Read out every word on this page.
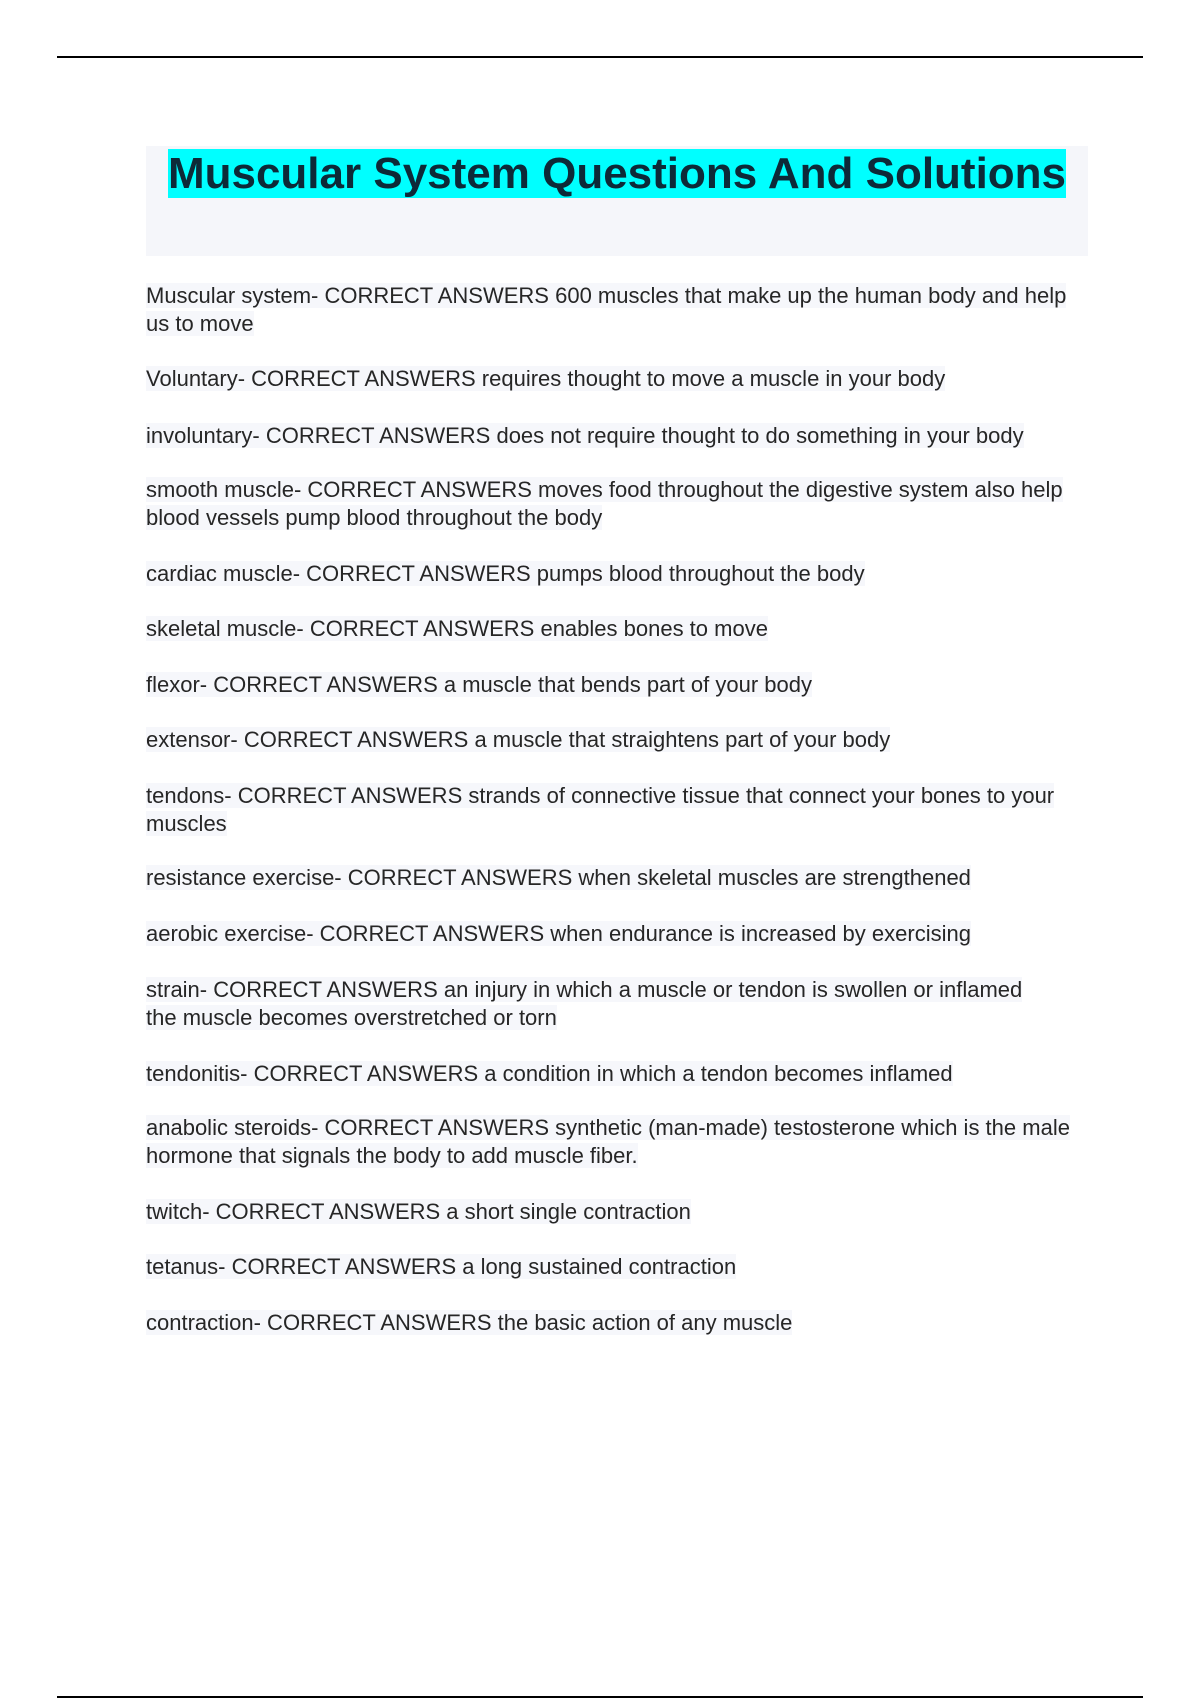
Muscular System Questions And Solutions

Muscular system- CORRECT ANSWERS 600 muscles that make up the human body and help us to move

Voluntary- CORRECT ANSWERS requires thought to move a muscle in your body

involuntary- CORRECT ANSWERS does not require thought to do something in your body

smooth muscle- CORRECT ANSWERS moves food throughout the digestive system also help blood vessels pump blood throughout the body

cardiac muscle- CORRECT ANSWERS pumps blood throughout the body

skeletal muscle- CORRECT ANSWERS enables bones to move

flexor- CORRECT ANSWERS a muscle that bends part of your body

extensor- CORRECT ANSWERS a muscle that straightens part of your body

tendons- CORRECT ANSWERS strands of connective tissue that connect your bones to your muscles

resistance exercise- CORRECT ANSWERS when skeletal muscles are strengthened

aerobic exercise- CORRECT ANSWERS when endurance is increased by exercising

strain- CORRECT ANSWERS an injury in which a muscle or tendon is swollen or inflamed
the muscle becomes overstretched or torn

tendonitis- CORRECT ANSWERS a condition in which a tendon becomes inflamed

anabolic steroids- CORRECT ANSWERS synthetic (man-made) testosterone which is the male hormone that signals the body to add muscle fiber.

twitch- CORRECT ANSWERS a short single contraction

tetanus- CORRECT ANSWERS a long sustained contraction

contraction- CORRECT ANSWERS the basic action of any muscle
